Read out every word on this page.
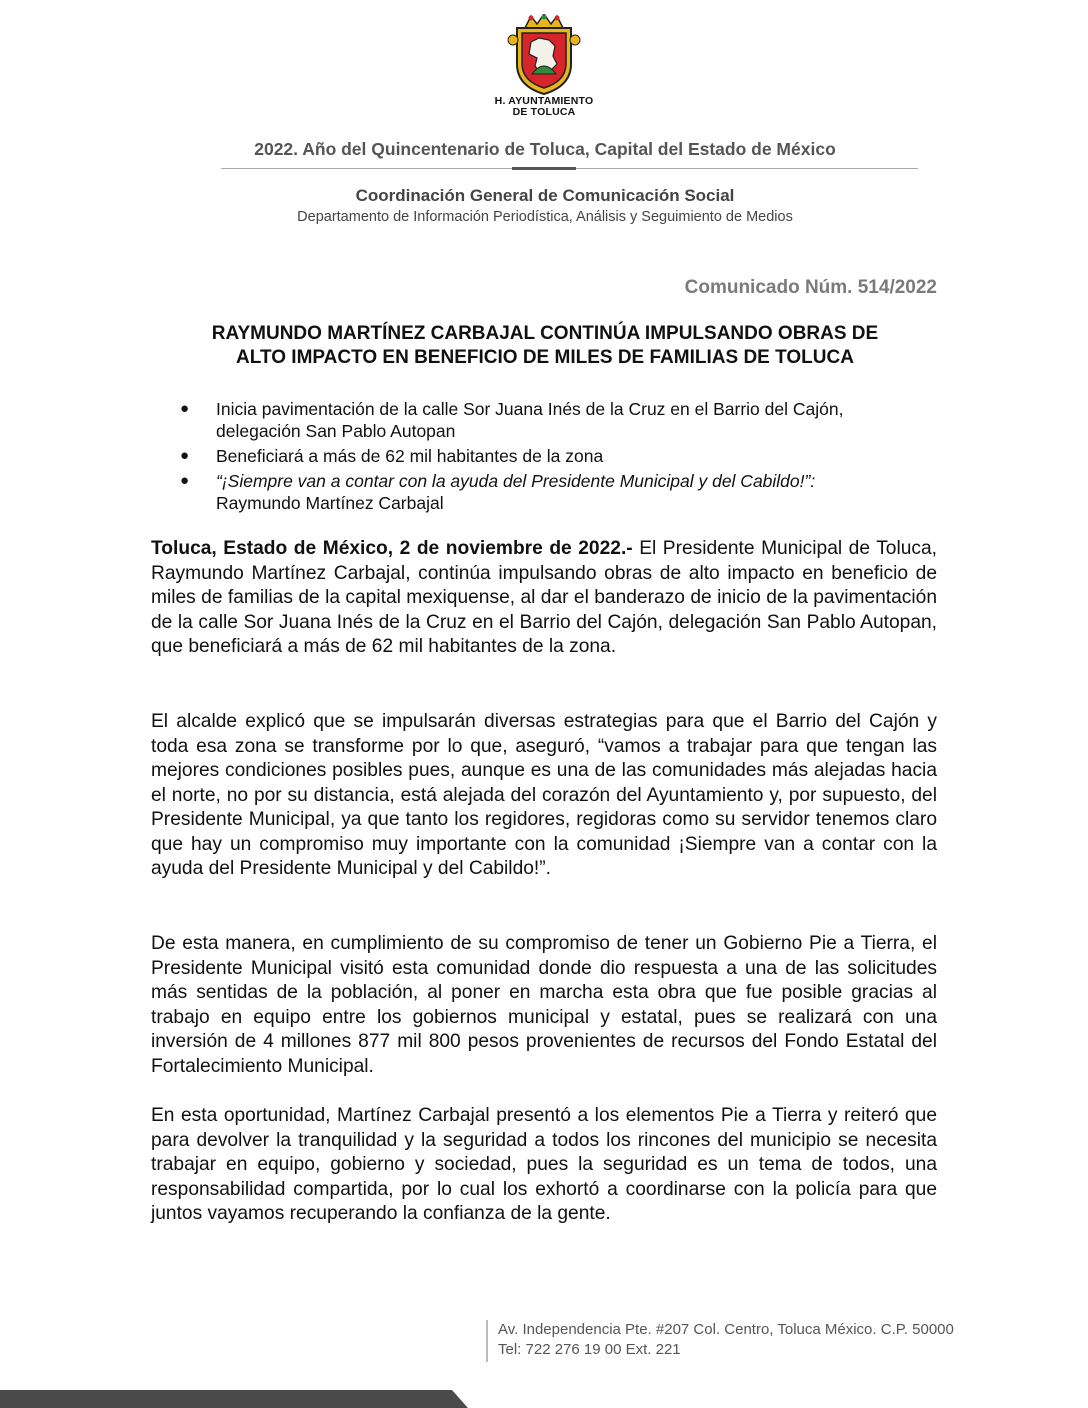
H. AYUNTAMIENTO
DE TOLUCA
2022. Año del Quincentenario de Toluca, Capital del Estado de México
Coordinación General de Comunicación Social
Departamento de Información Periodística, Análisis y Seguimiento de Medios
Comunicado Núm. 514/2022
RAYMUNDO MARTÍNEZ CARBAJAL CONTINÚA IMPULSANDO OBRAS DE
ALTO IMPACTO EN BENEFICIO DE MILES DE FAMILIAS DE TOLUCA
● Inicia pavimentación de la calle Sor Juana Inés de la Cruz en el Barrio del Cajón,
delegación San Pablo Autopan
● Beneficiará a más de 62 mil habitantes de la zona
● “¡Siempre van a contar con la ayuda del Presidente Municipal y del Cabildo!”:
Raymundo Martínez Carbajal

Toluca, Estado de México, 2 de noviembre de 2022.- El Presidente Municipal de Toluca, Raymundo Martínez Carbajal, continúa impulsando obras de alto impacto en beneficio de miles de familias de la capital mexiquense, al dar el banderazo de inicio de la pavimentación de la calle Sor Juana Inés de la Cruz en el Barrio del Cajón, delegación San Pablo Autopan, que beneficiará a más de 62 mil habitantes de la zona.

El alcalde explicó que se impulsarán diversas estrategias para que el Barrio del Cajón y toda esa zona se transforme por lo que, aseguró, “vamos a trabajar para que tengan las mejores condiciones posibles pues, aunque es una de las comunidades más alejadas hacia el norte, no por su distancia, está alejada del corazón del Ayuntamiento y, por supuesto, del Presidente Municipal, ya que tanto los regidores, regidoras como su servidor tenemos claro que hay un compromiso muy importante con la comunidad ¡Siempre van a contar con la ayuda del Presidente Municipal y del Cabildo!”.

De esta manera, en cumplimiento de su compromiso de tener un Gobierno Pie a Tierra, el Presidente Municipal visitó esta comunidad donde dio respuesta a una de las solicitudes más sentidas de la población, al poner en marcha esta obra que fue posible gracias al trabajo en equipo entre los gobiernos municipal y estatal, pues se realizará con una inversión de 4 millones 877 mil 800 pesos provenientes de recursos del Fondo Estatal del Fortalecimiento Municipal.

En esta oportunidad, Martínez Carbajal presentó a los elementos Pie a Tierra y reiteró que para devolver la tranquilidad y la seguridad a todos los rincones del municipio se necesita trabajar en equipo, gobierno y sociedad, pues la seguridad es un tema de todos, una responsabilidad compartida, por lo cual los exhortó a coordinarse con la policía para que juntos vayamos recuperando la confianza de la gente.

Av. Independencia Pte. #207 Col. Centro, Toluca México. C.P. 50000
Tel: 722 276 19 00 Ext. 221
